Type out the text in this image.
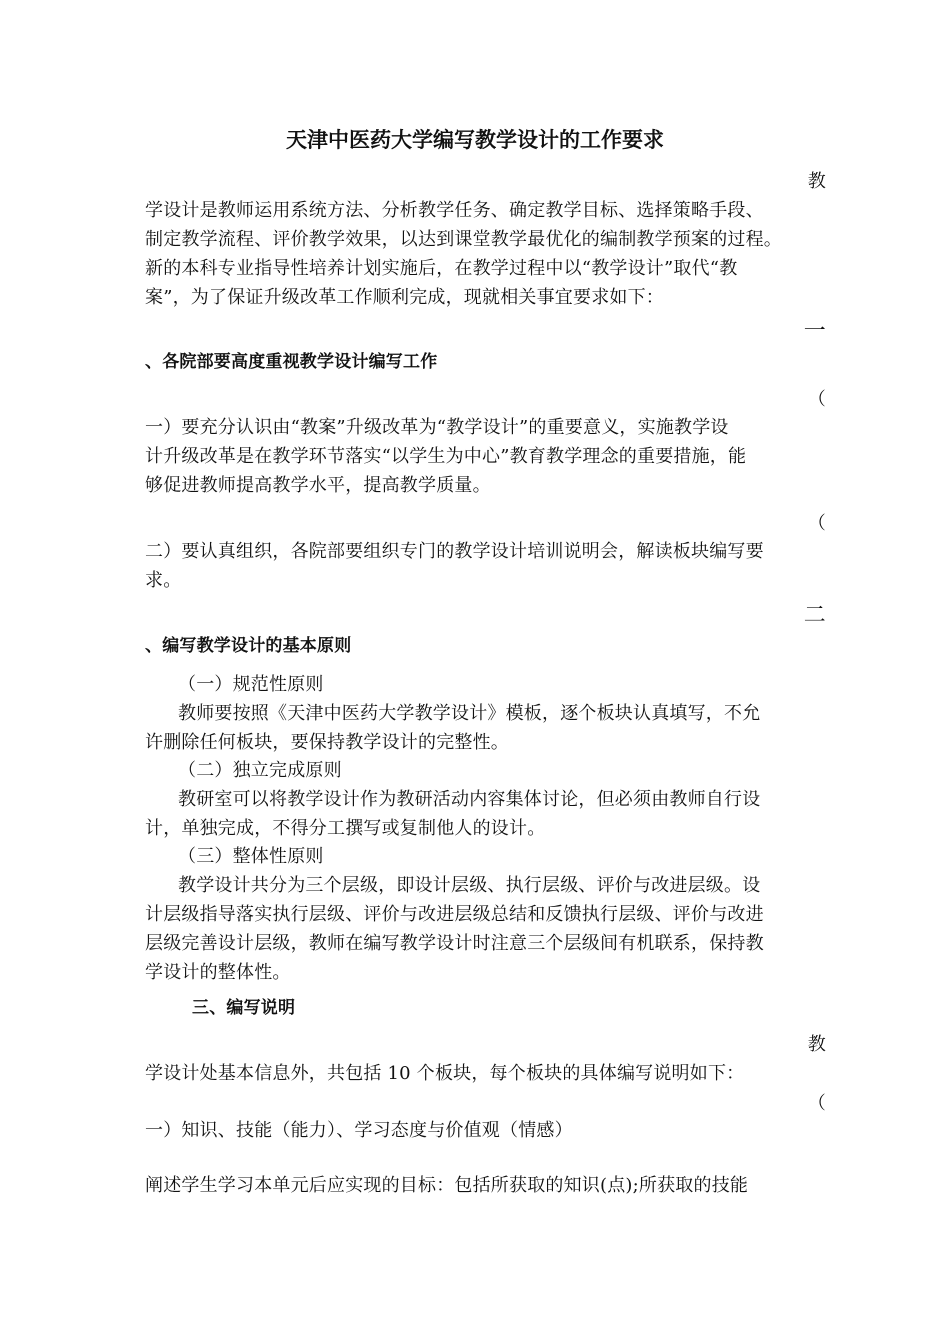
天津中医药大学编写教学设计的工作要求
教
学设计是教师运用系统方法、分析教学任务、确定教学目标、选择策略手段、
制定教学流程、评价教学效果，以达到课堂教学最优化的编制教学预案的过程。
新的本科专业指导性培养计划实施后，在教学过程中以“教学设计”取代“教
案”，为了保证升级改革工作顺利完成，现就相关事宜要求如下：
一
、各院部要高度重视教学设计编写工作
（
一）要充分认识由“教案”升级改革为“教学设计”的重要意义，实施教学设
计升级改革是在教学环节落实“以学生为中心”教育教学理念的重要措施，能
够促进教师提高教学水平，提高教学质量。
（
二）要认真组织，各院部要组织专门的教学设计培训说明会，解读板块编写要
求。
二
、编写教学设计的基本原则
（一）规范性原则
教师要按照《天津中医药大学教学设计》模板，逐个板块认真填写，不允
许删除任何板块，要保持教学设计的完整性。
（二）独立完成原则
教研室可以将教学设计作为教研活动内容集体讨论，但必须由教师自行设
计，单独完成，不得分工撰写或复制他人的设计。
（三）整体性原则
教学设计共分为三个层级，即设计层级、执行层级、评价与改进层级。设
计层级指导落实执行层级、评价与改进层级总结和反馈执行层级、评价与改进
层级完善设计层级，教师在编写教学设计时注意三个层级间有机联系，保持教
学设计的整体性。
三、编写说明
教
学设计处基本信息外，共包括 10 个板块，每个板块的具体编写说明如下：
（
一）知识、技能（能力）、学习态度与价值观（情感）
阐述学生学习本单元后应实现的目标：包括所获取的知识(点);所获取的技能
